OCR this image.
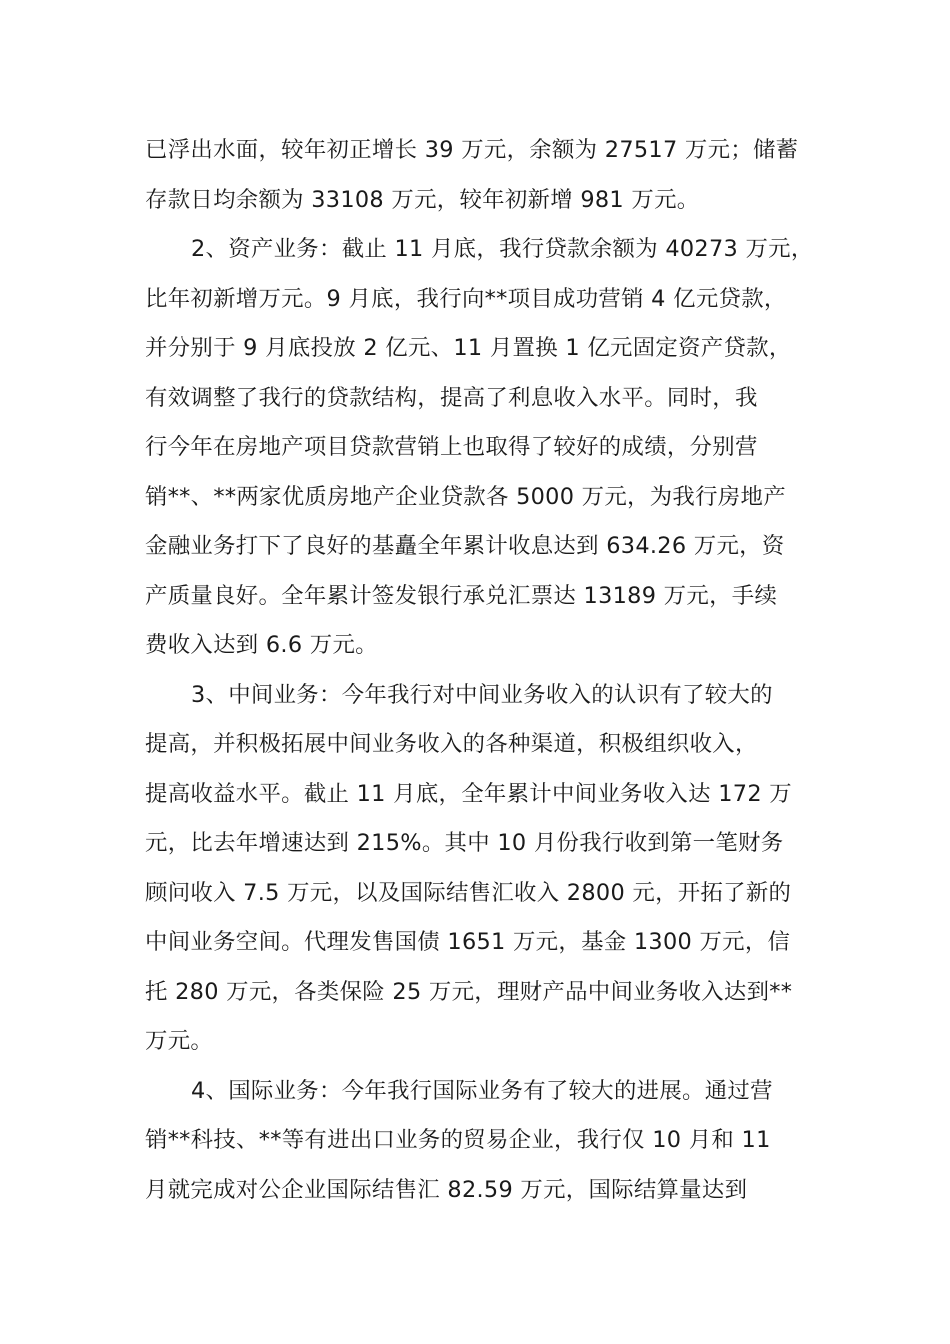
已浮出水面，较年初正增长 39 万元，余额为 27517 万元；储蓄
存款日均余额为 33108 万元，较年初新增 981 万元。
2、资产业务：截止 11 月底，我行贷款余额为 40273 万元，
比年初新增万元。9 月底，我行向**项目成功营销 4 亿元贷款，
并分别于 9 月底投放 2 亿元、11 月置换 1 亿元固定资产贷款，
有效调整了我行的贷款结构，提高了利息收入水平。同时，我
行今年在房地产项目贷款营销上也取得了较好的成绩，分别营
销**、**两家优质房地产企业贷款各 5000 万元，为我行房地产
金融业务打下了良好的基矗全年累计收息达到 634.26 万元，资
产质量良好。全年累计签发银行承兑汇票达 13189 万元，手续
费收入达到 6.6 万元。
3、中间业务：今年我行对中间业务收入的认识有了较大的
提高，并积极拓展中间业务收入的各种渠道，积极组织收入，
提高收益水平。截止 11 月底，全年累计中间业务收入达 172 万
元，比去年增速达到 215%。其中 10 月份我行收到第一笔财务
顾问收入 7.5 万元，以及国际结售汇收入 2800 元，开拓了新的
中间业务空间。代理发售国债 1651 万元，基金 1300 万元，信
托 280 万元，各类保险 25 万元，理财产品中间业务收入达到**
万元。
4、国际业务：今年我行国际业务有了较大的进展。通过营
销**科技、**等有进出口业务的贸易企业，我行仅 10 月和 11
月就完成对公企业国际结售汇 82.59 万元，国际结算量达到
